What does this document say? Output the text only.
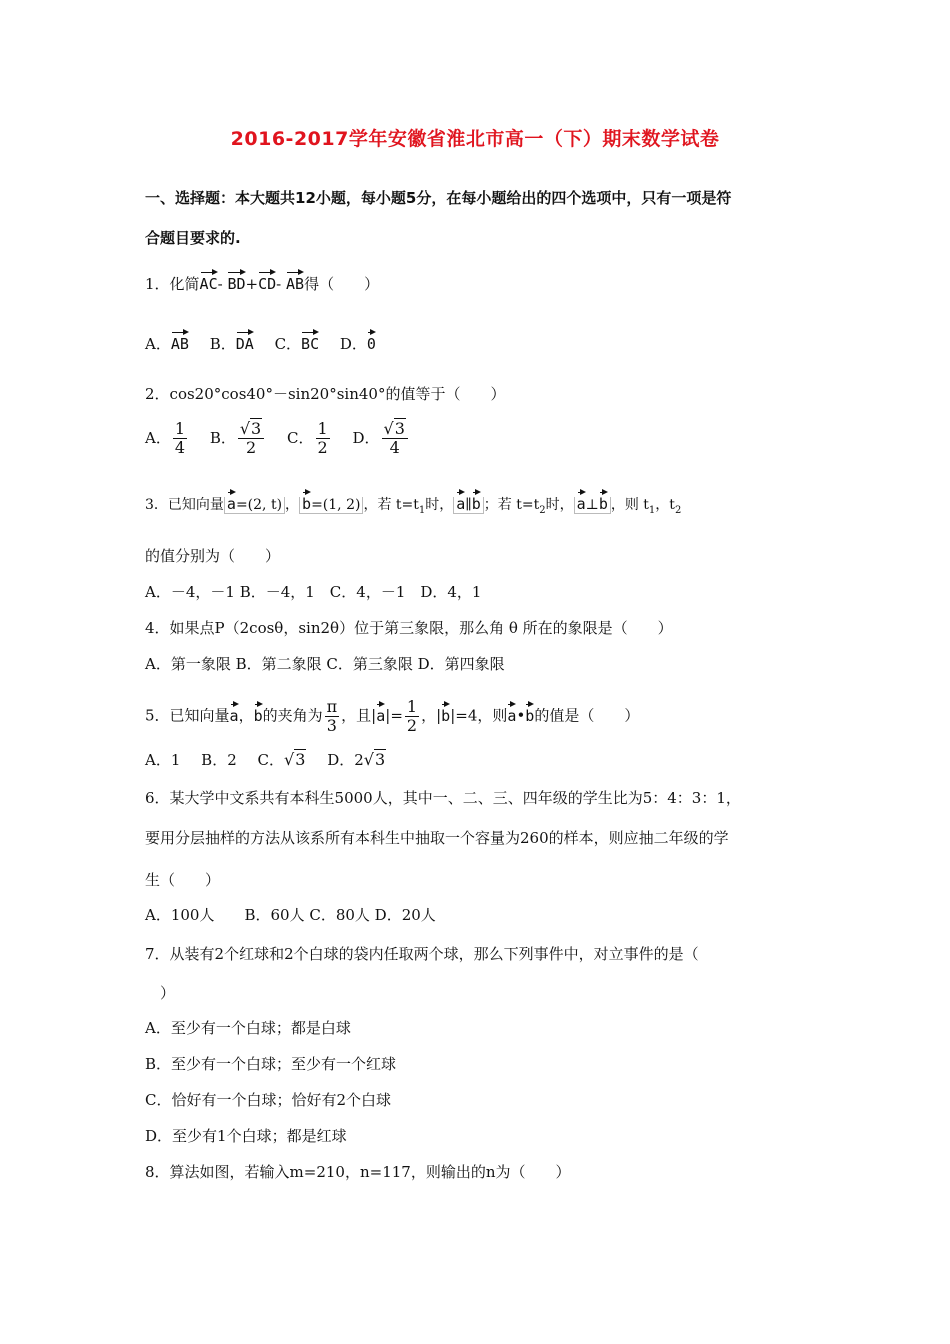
2016-2017学年安徽省淮北市高一（下）期末数学试卷
一、选择题：本大题共12小题，每小题5分，在每小题给出的四个选项中，只有一项是符
合题目要求的.
1．化简AC- BD+CD- AB得（　　）
A．AB B．DA C．BC D．0
2．cos20°cos40°－sin20°sin40°的值等于（　　）
A． $\frac{1}{4}$ B． $\frac{√3}{2}$ C． $\frac{1}{2}$ D． $\frac{√3}{4}$
3．已知向量 a=(2, t) ， b=(1, 2) ，若 $t=t_1$时， a∥b ；若 $t=t_2$时， a⊥b ，则 $t_1$，$t_2$
的值分别为（　　）
A．－4，－1 B．－4，1　C．4，－1　D．4，1
4．如果点P（2cosθ，sin2θ）位于第三象限，那么角 θ 所在的象限是（　　）
A．第一象限 B．第二象限 C．第三象限 D．第四象限
5．已知向量a，b的夹角为 $\frac{\pi}{3}$ ，且$|a|= \frac{1}{2}$ ，|b|=4，则a•b的值是（　　）
A．1 B．2 C．√3 D．2√3
6．某大学中文系共有本科生5000人，其中一、二、三、四年级的学生比为5：4：3：1，
要用分层抽样的方法从该系所有本科生中抽取一个容量为260的样本，则应抽二年级的学
生（　　）
A．100人　　B．60人 C．80人 D．20人
7．从装有2个红球和2个白球的袋内任取两个球，那么下列事件中，对立事件的是（
）
A．至少有一个白球；都是白球
B．至少有一个白球；至少有一个红球
C．恰好有一个白球；恰好有2个白球
D．至少有1个白球；都是红球
8．算法如图，若输入m=210，n=117，则输出的n为（　　）
